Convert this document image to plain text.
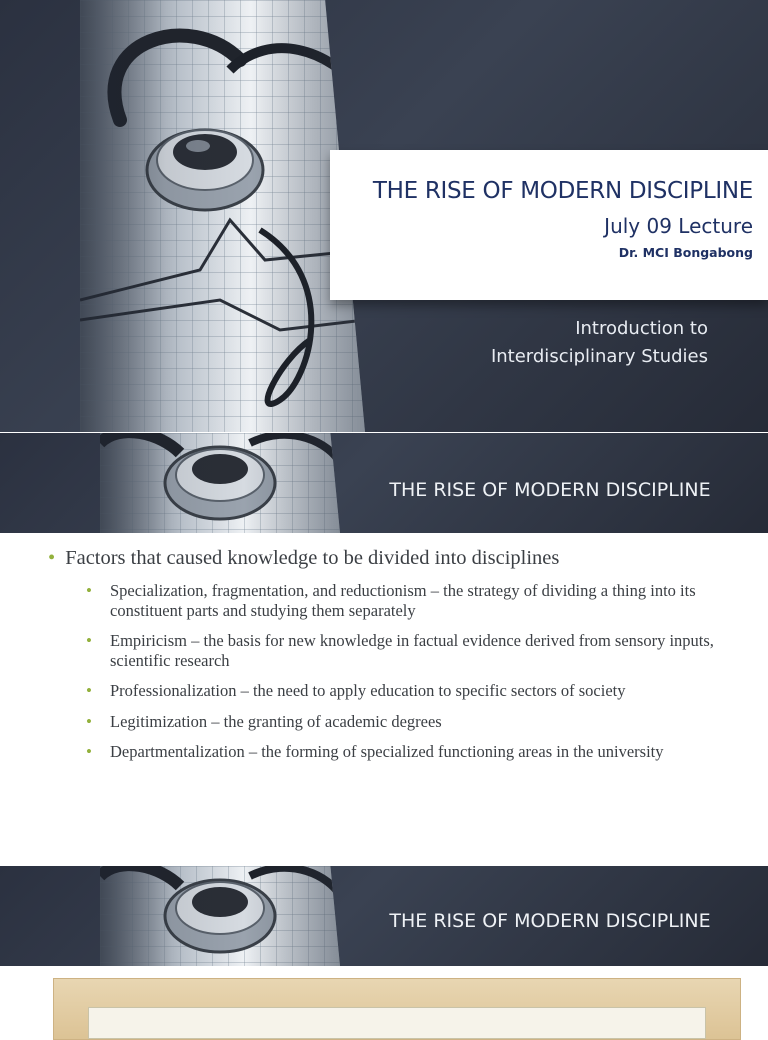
THE RISE OF MODERN DISCIPLINE
July 09 Lecture
Dr. MCI Bongabong
Introduction to
Interdisciplinary Studies
THE RISE OF MODERN DISCIPLINE
• Factors that caused knowledge to be divided into disciplines
• Specialization, fragmentation, and reductionism – the strategy of dividing a thing into its constituent parts and studying them separately
• Empiricism – the basis for new knowledge in factual evidence derived from sensory inputs, scientific research
• Professionalization – the need to apply education to specific sectors of society
• Legitimization – the granting of academic degrees
• Departmentalization – the forming of specialized functioning areas in the university
THE RISE OF MODERN DISCIPLINE
